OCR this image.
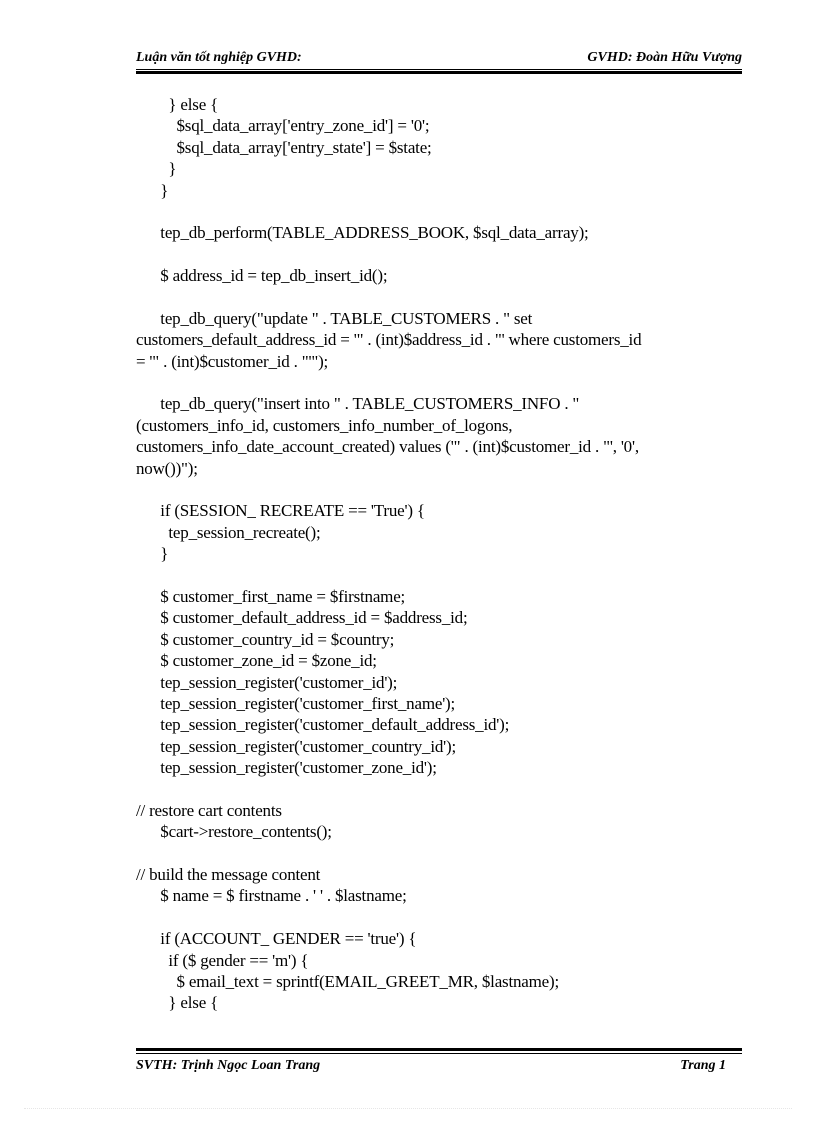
Luận văn tốt nghiệp GVHD:	GVHD: Đoàn Hữu Vượng
} else {
$sql_data_array['entry_zone_id'] = '0';
$sql_data_array['entry_state'] = $state;
}
}
tep_db_perform(TABLE_ADDRESS_BOOK, $sql_data_array);
$ address_id = tep_db_insert_id();
tep_db_query("update " . TABLE_CUSTOMERS . " set
customers_default_address_id = '" . (int)$address_id . "' where customers_id
= '" . (int)$customer_id . "'");
tep_db_query("insert into " . TABLE_CUSTOMERS_INFO . "
(customers_info_id, customers_info_number_of_logons,
customers_info_date_account_created) values ('" . (int)$customer_id . "', '0',
now())");
if (SESSION_ RECREATE == 'True') {
tep_session_recreate();
}
$ customer_first_name = $firstname;
$ customer_default_address_id = $address_id;
$ customer_country_id = $country;
$ customer_zone_id = $zone_id;
tep_session_register('customer_id');
tep_session_register('customer_first_name');
tep_session_register('customer_default_address_id');
tep_session_register('customer_country_id');
tep_session_register('customer_zone_id');
// restore cart contents
$cart->restore_contents();
// build the message content
$ name = $ firstname . ' ' . $lastname;
if (ACCOUNT_ GENDER == 'true') {
if ($ gender == 'm') {
$ email_text = sprintf(EMAIL_GREET_MR, $lastname);
} else {
SVTH: Trịnh Ngọc Loan Trang	Trang 1
